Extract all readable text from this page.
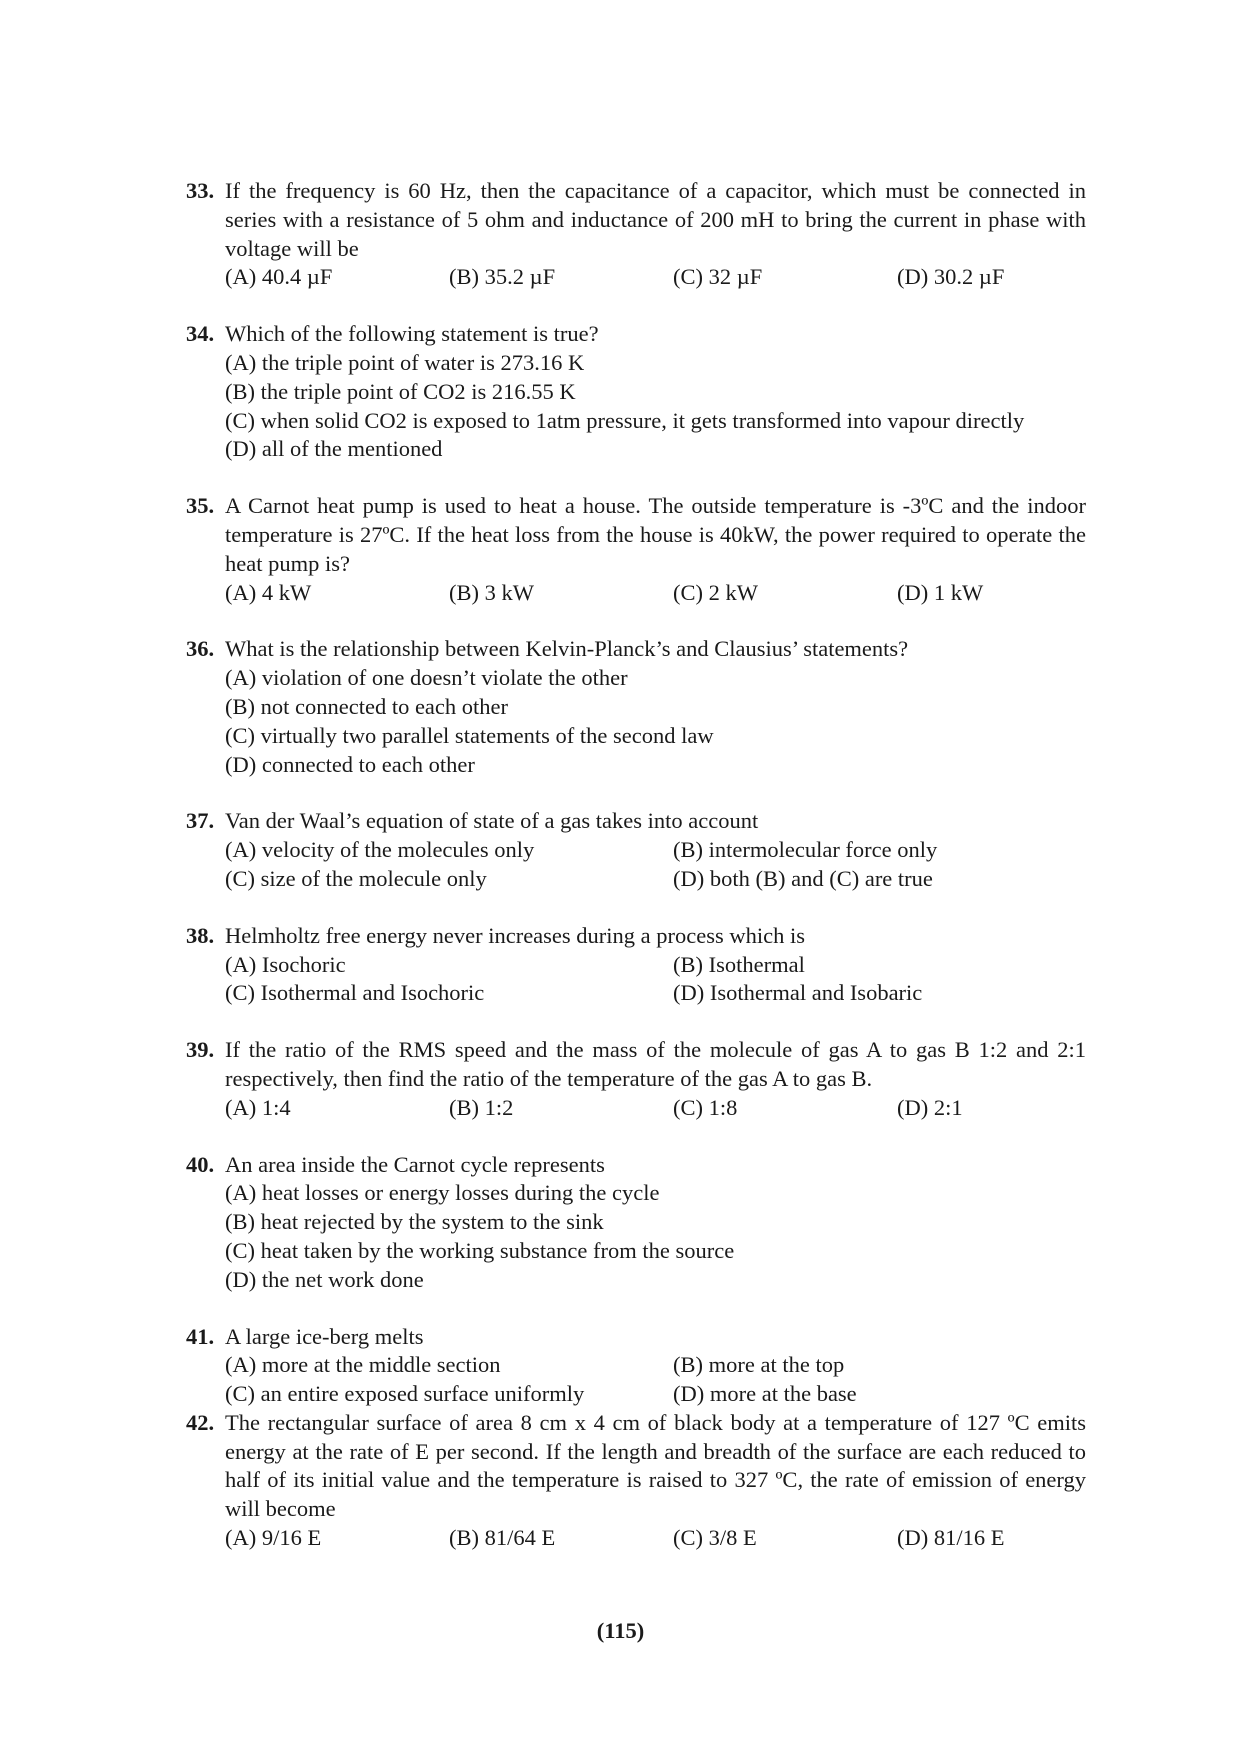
33. If the frequency is 60 Hz, then the capacitance of a capacitor, which must be connected in series with a resistance of 5 ohm and inductance of 200 mH to bring the current in phase with voltage will be
(A) 40.4 µF	(B) 35.2 µF	(C) 32 µF	(D) 30.2 µF
34. Which of the following statement is true?
(A) the triple point of water is 273.16 K
(B) the triple point of CO2 is 216.55 K
(C) when solid CO2 is exposed to 1atm pressure, it gets transformed into vapour directly
(D) all of the mentioned
35. A Carnot heat pump is used to heat a house. The outside temperature is -3ºC and the indoor temperature is 27ºC. If the heat loss from the house is 40kW, the power required to operate the heat pump is?
(A) 4 kW	(B) 3 kW	(C) 2 kW	(D) 1 kW
36. What is the relationship between Kelvin-Planck’s and Clausius’ statements?
(A) violation of one doesn’t violate the other
(B) not connected to each other
(C) virtually two parallel statements of the second law
(D) connected to each other
37. Van der Waal’s equation of state of a gas takes into account
(A) velocity of the molecules only	(B) intermolecular force only
(C) size of the molecule only	(D) both (B) and (C) are true
38. Helmholtz free energy never increases during a process which is
(A) Isochoric	(B) Isothermal
(C) Isothermal and Isochoric	(D) Isothermal and Isobaric
39. If the ratio of the RMS speed and the mass of the molecule of gas A to gas B 1:2 and 2:1 respectively, then find the ratio of the temperature of the gas A to gas B.
(A) 1:4	(B) 1:2	(C) 1:8	(D) 2:1
40. An area inside the Carnot cycle represents
(A) heat losses or energy losses during the cycle
(B) heat rejected by the system to the sink
(C) heat taken by the working substance from the source
(D) the net work done
41. A large ice-berg melts
(A) more at the middle section	(B) more at the top
(C) an entire exposed surface uniformly	(D) more at the base
42. The rectangular surface of area 8 cm x 4 cm of black body at a temperature of 127 ºC emits energy at the rate of E per second. If the length and breadth of the surface are each reduced to half of its initial value and the temperature is raised to 327 ºC, the rate of emission of energy will become
(A) 9/16 E	(B) 81/64 E	(C) 3/8 E	(D) 81/16 E
(115)
